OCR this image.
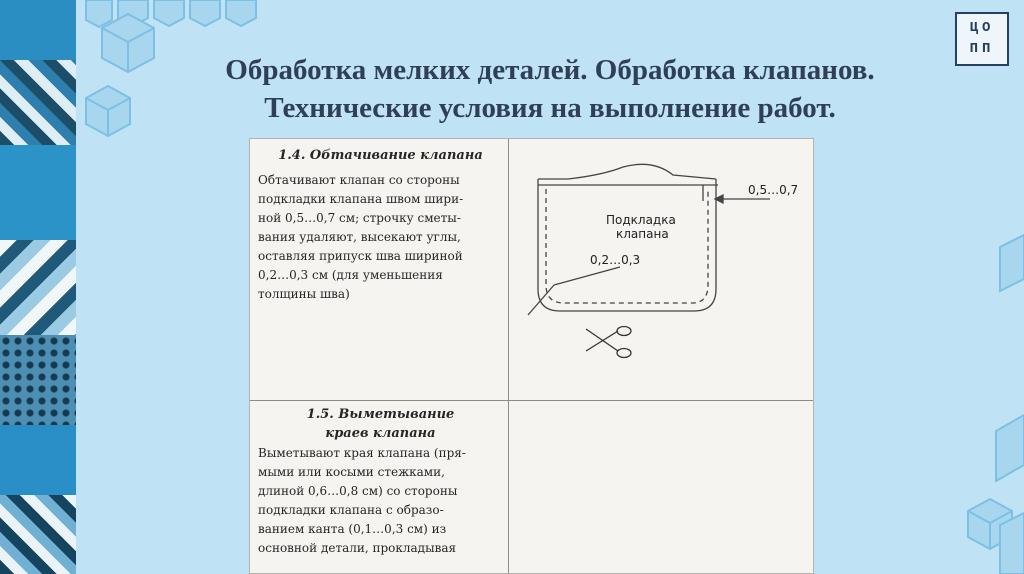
ЦО
ПП
Обработка мелких деталей. Обработка клапанов.
Технические условия на выполнение работ.
1.4. Обтачивание клапана
Обтачивают клапан со стороны
подкладки клапана швом шири-
ной 0,5…0,7 см; строчку сметы-
вания удаляют, высекают углы,
оставляя припуск шва шириной
0,2…0,3 см (для уменьшения
толщины шва)
1.5. Выметывание
краев клапана
Выметывают края клапана (пря-
мыми или косыми стежками,
длиной 0,6…0,8 см) со стороны
подкладки клапана с образо-
ванием канта (0,1…0,3 см) из
основной детали, прокладывая
Подкладка
клапана
0,5…0,7
0,2…0,3
